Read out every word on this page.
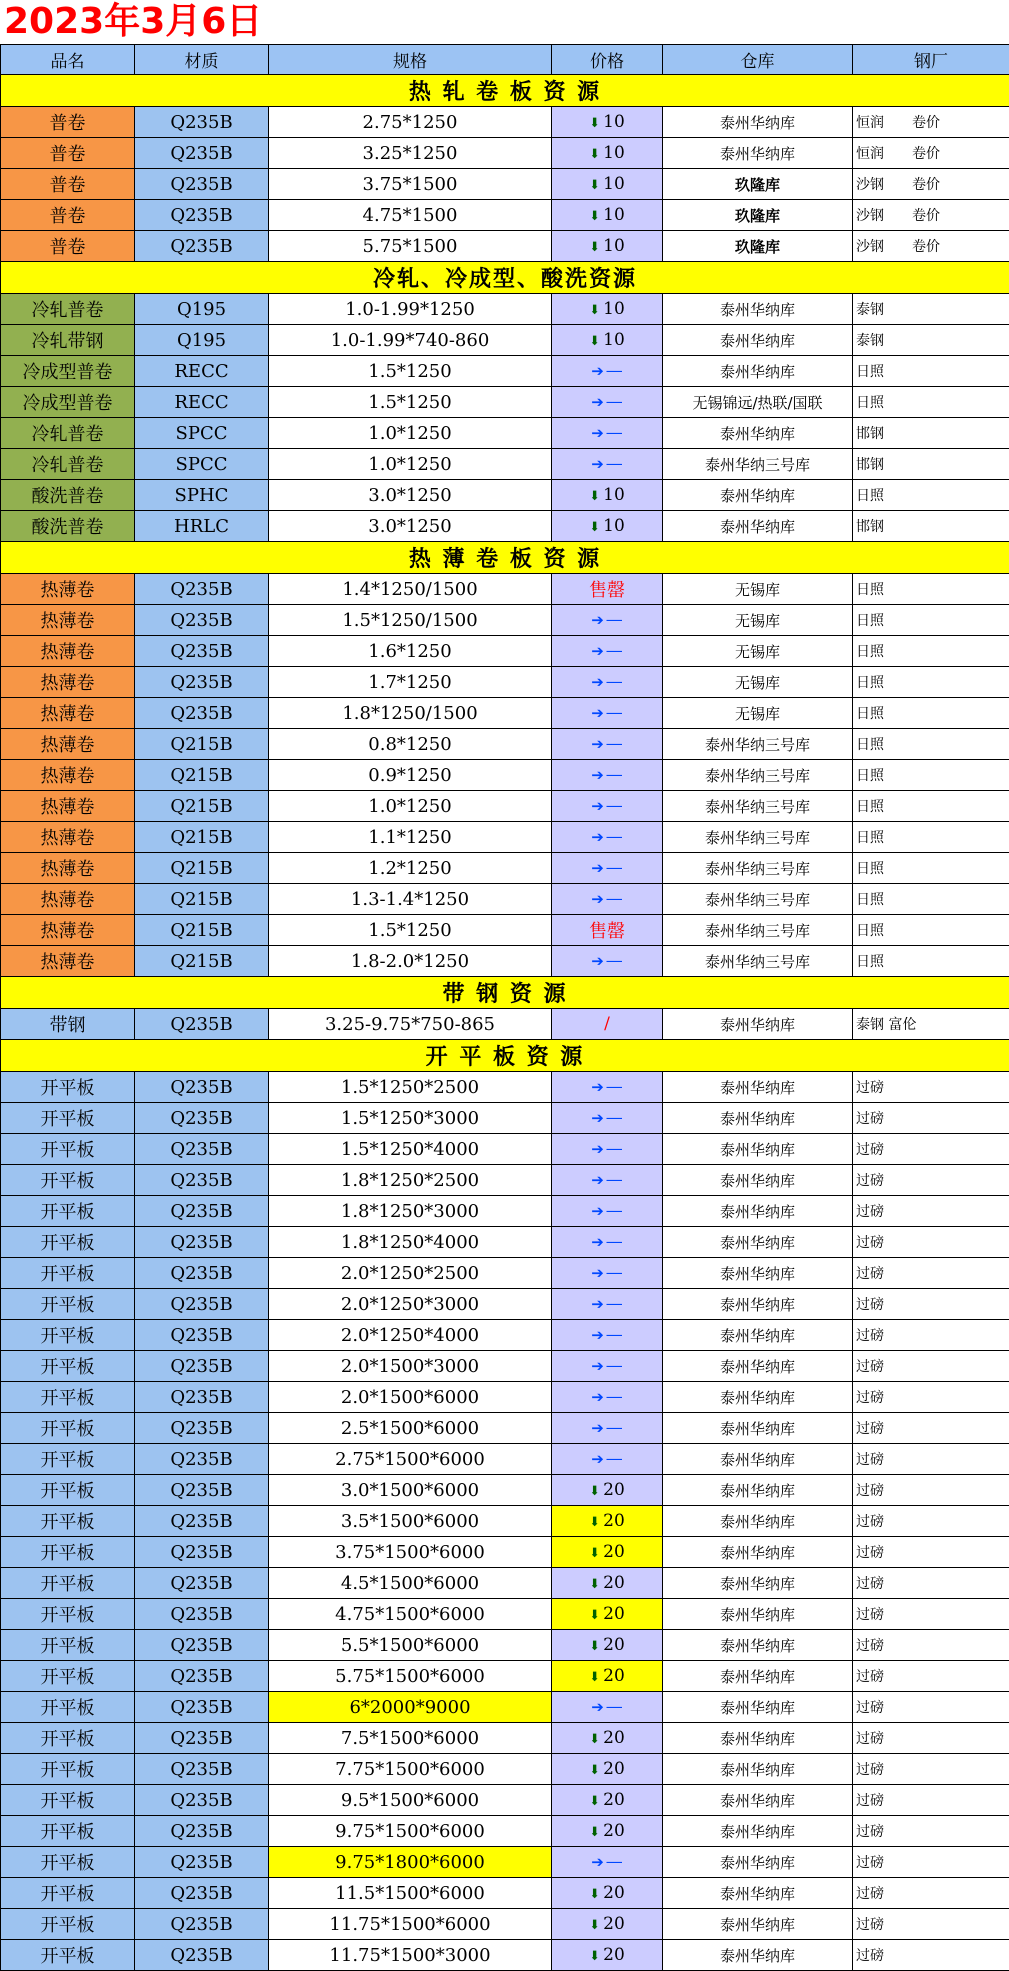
2023年3月6日
品名	材质	规格	价格	仓库	钢厂
热 轧 卷 板 资 源					
普卷	Q235B	2.75*1250	⬇ 10	泰州华纳库	恒润　　卷价
普卷	Q235B	3.25*1250	⬇ 10	泰州华纳库	恒润　　卷价
普卷	Q235B	3.75*1500	⬇ 10	玖隆库	沙钢　　卷价
普卷	Q235B	4.75*1500	⬇ 10	玖隆库	沙钢　　卷价
普卷	Q235B	5.75*1500	⬇ 10	玖隆库	沙钢　　卷价
冷轧、冷成型、酸洗资源					
冷轧普卷	Q195	1.0-1.99*1250	⬇ 10	泰州华纳库	泰钢
冷轧带钢	Q195	1.0-1.99*740-860	⬇ 10	泰州华纳库	泰钢
冷成型普卷	RECC	1.5*1250	➔ —	泰州华纳库	日照
冷成型普卷	RECC	1.5*1250	➔ —	无锡锦远/热联/国联	日照
冷轧普卷	SPCC	1.0*1250	➔ —	泰州华纳库	邯钢
冷轧普卷	SPCC	1.0*1250	➔ —	泰州华纳三号库	邯钢
酸洗普卷	SPHC	3.0*1250	⬇ 10	泰州华纳库	日照
酸洗普卷	HRLC	3.0*1250	⬇ 10	泰州华纳库	邯钢
热 薄 卷 板 资 源					
热薄卷	Q235B	1.4*1250/1500	售罄	无锡库	日照
热薄卷	Q235B	1.5*1250/1500	➔ —	无锡库	日照
热薄卷	Q235B	1.6*1250	➔ —	无锡库	日照
热薄卷	Q235B	1.7*1250	➔ —	无锡库	日照
热薄卷	Q235B	1.8*1250/1500	➔ —	无锡库	日照
热薄卷	Q215B	0.8*1250	➔ —	泰州华纳三号库	日照
热薄卷	Q215B	0.9*1250	➔ —	泰州华纳三号库	日照
热薄卷	Q215B	1.0*1250	➔ —	泰州华纳三号库	日照
热薄卷	Q215B	1.1*1250	➔ —	泰州华纳三号库	日照
热薄卷	Q215B	1.2*1250	➔ —	泰州华纳三号库	日照
热薄卷	Q215B	1.3-1.4*1250	➔ —	泰州华纳三号库	日照
热薄卷	Q215B	1.5*1250	售罄	泰州华纳三号库	日照
热薄卷	Q215B	1.8-2.0*1250	➔ —	泰州华纳三号库	日照
带 钢 资 源					
带钢	Q235B	3.25-9.75*750-865	/	泰州华纳库	泰钢 富伦
开 平 板 资 源					
开平板	Q235B	1.5*1250*2500	➔ —	泰州华纳库	过磅
开平板	Q235B	1.5*1250*3000	➔ —	泰州华纳库	过磅
开平板	Q235B	1.5*1250*4000	➔ —	泰州华纳库	过磅
开平板	Q235B	1.8*1250*2500	➔ —	泰州华纳库	过磅
开平板	Q235B	1.8*1250*3000	➔ —	泰州华纳库	过磅
开平板	Q235B	1.8*1250*4000	➔ —	泰州华纳库	过磅
开平板	Q235B	2.0*1250*2500	➔ —	泰州华纳库	过磅
开平板	Q235B	2.0*1250*3000	➔ —	泰州华纳库	过磅
开平板	Q235B	2.0*1250*4000	➔ —	泰州华纳库	过磅
开平板	Q235B	2.0*1500*3000	➔ —	泰州华纳库	过磅
开平板	Q235B	2.0*1500*6000	➔ —	泰州华纳库	过磅
开平板	Q235B	2.5*1500*6000	➔ —	泰州华纳库	过磅
开平板	Q235B	2.75*1500*6000	➔ —	泰州华纳库	过磅
开平板	Q235B	3.0*1500*6000	⬇ 20	泰州华纳库	过磅
开平板	Q235B	3.5*1500*6000	⬇ 20	泰州华纳库	过磅
开平板	Q235B	3.75*1500*6000	⬇ 20	泰州华纳库	过磅
开平板	Q235B	4.5*1500*6000	⬇ 20	泰州华纳库	过磅
开平板	Q235B	4.75*1500*6000	⬇ 20	泰州华纳库	过磅
开平板	Q235B	5.5*1500*6000	⬇ 20	泰州华纳库	过磅
开平板	Q235B	5.75*1500*6000	⬇ 20	泰州华纳库	过磅
开平板	Q235B	6*2000*9000	➔ —	泰州华纳库	过磅
开平板	Q235B	7.5*1500*6000	⬇ 20	泰州华纳库	过磅
开平板	Q235B	7.75*1500*6000	⬇ 20	泰州华纳库	过磅
开平板	Q235B	9.5*1500*6000	⬇ 20	泰州华纳库	过磅
开平板	Q235B	9.75*1500*6000	⬇ 20	泰州华纳库	过磅
开平板	Q235B	9.75*1800*6000	➔ —	泰州华纳库	过磅
开平板	Q235B	11.5*1500*6000	⬇ 20	泰州华纳库	过磅
开平板	Q235B	11.75*1500*6000	⬇ 20	泰州华纳库	过磅
开平板	Q235B	11.75*1500*3000	⬇ 20	泰州华纳库	过磅
